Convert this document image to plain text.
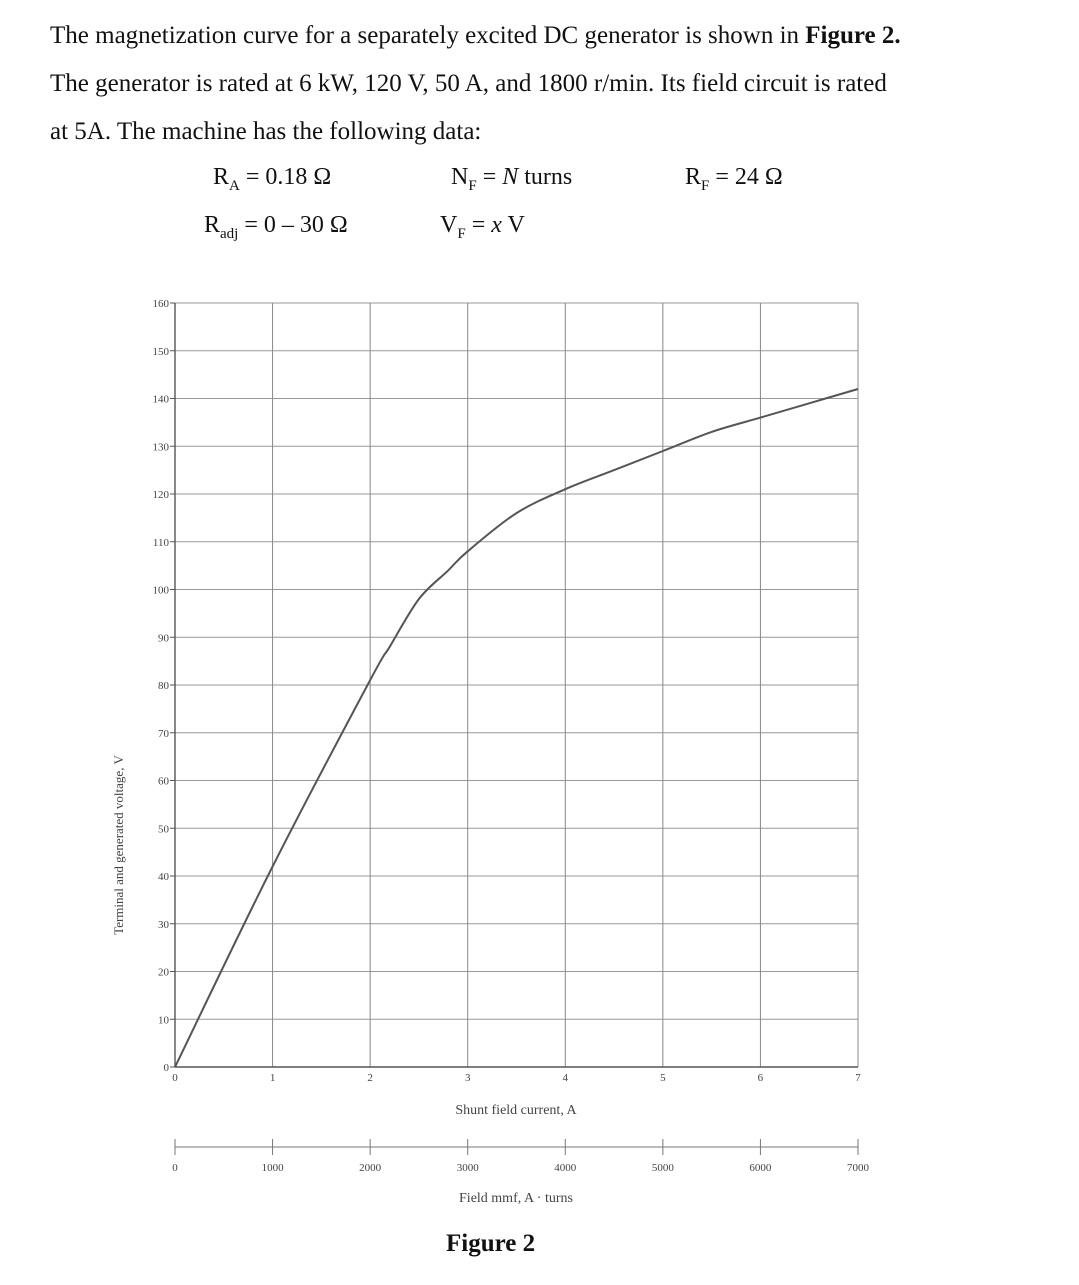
The magnetization curve for a separately excited DC generator is shown in Figure 2.
The generator is rated at 6 kW, 120 V, 50 A, and 1800 r/min. Its field circuit is rated
at 5A. The machine has the following data:

$R_A = 0.18$ Ω	$N_F = N$ turns	$R_F = 24$ Ω
$R_{adj} = 0 - 30$ Ω	$V_F = x$ V
0
10
20
30
40
50
60
70
80
90
100
110
120
130
140
150
160
0	1	2	3	4	5	6	7
0	1000	2000	3000	4000	5000	6000	7000
Terminal and generated voltage, V
Shunt field current, A
Field mmf, A · turns
Figure 2
